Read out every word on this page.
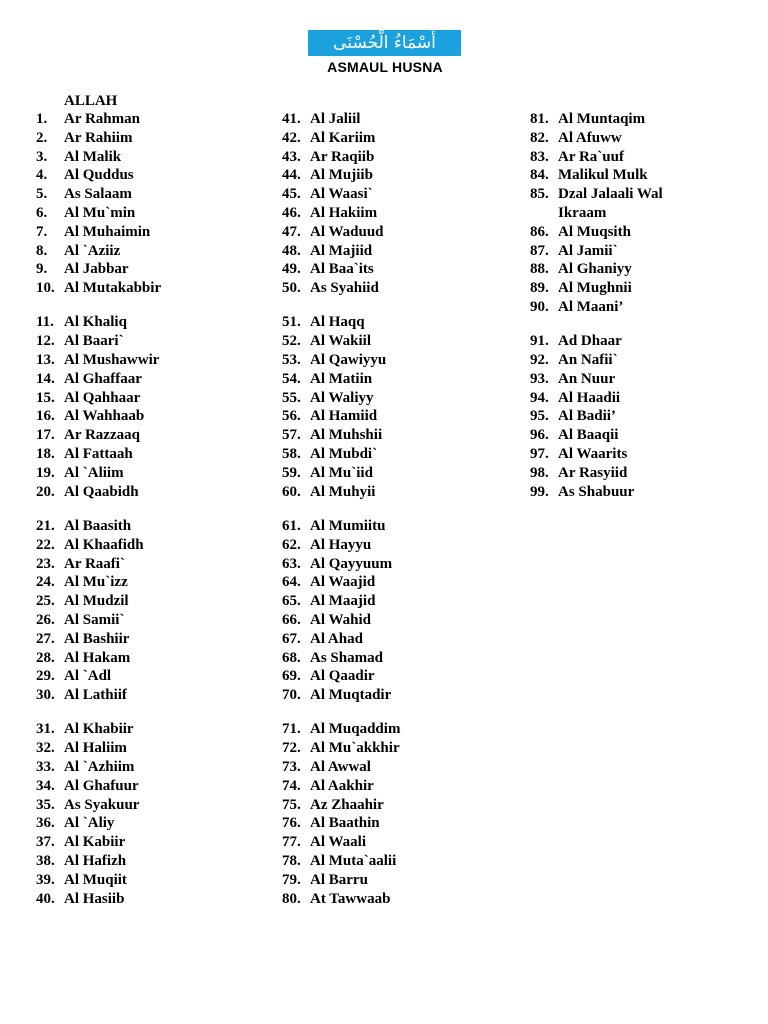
أَسْمَاءُ الْحُسْنَى
ASMAUL HUSNA
ALLAH
1.	Ar Rahman
2.	Ar Rahiim
3.	Al Malik
4.	Al Quddus
5.	As Salaam
6.	Al Mu`min
7.	Al Muhaimin
8.	Al `Aziiz
9.	Al Jabbar
10. Al Mutakabbir
11. Al Khaliq
12. Al Baari`
13. Al Mushawwir
14. Al Ghaffaar
15. Al Qahhaar
16. Al Wahhaab
17. Ar Razzaaq
18. Al Fattaah
19. Al `Aliim
20. Al Qaabidh
21. Al Baasith
22. Al Khaafidh
23. Ar Raafi`
24. Al Mu`izz
25. Al Mudzil
26. Al Samii`
27. Al Bashiir
28. Al Hakam
29. Al `Adl
30. Al Lathiif
31. Al Khabiir
32. Al Haliim
33. Al `Azhiim
34. Al Ghafuur
35. As Syakuur
36. Al `Aliy
37. Al Kabiir
38. Al Hafizh
39. Al Muqiit
40. Al Hasiib
41. Al Jaliil
42. Al Kariim
43. Ar Raqiib
44. Al Mujiib
45. Al Waasi`
46. Al Hakiim
47. Al Waduud
48. Al Majiid
49. Al Baa`its
50. As Syahiid
51. Al Haqq
52. Al Wakiil
53. Al Qawiyyu
54. Al Matiin
55. Al Waliyy
56. Al Hamiid
57. Al Muhshii
58. Al Mubdi`
59. Al Mu`iid
60. Al Muhyii
61. Al Mumiitu
62. Al Hayyu
63. Al Qayyuum
64. Al Waajid
65. Al Maajid
66. Al Wahid
67. Al Ahad
68. As Shamad
69. Al Qaadir
70. Al Muqtadir
71. Al Muqaddim
72. Al Mu`akkhir
73. Al Awwal
74. Al Aakhir
75. Az Zhaahir
76. Al Baathin
77. Al Waali
78. Al Muta`aalii
79. Al Barru
80. At Tawwaab
81. Al Muntaqim
82. Al Afuww
83. Ar Ra`uuf
84. Malikul Mulk
85. Dzal Jalaali Wal
Ikraam
86. Al Muqsith
87. Al Jamii`
88. Al Ghaniyy
89. Al Mughnii
90. Al Maani’
91. Ad Dhaar
92. An Nafii`
93. An Nuur
94. Al Haadii
95. Al Badii’
96. Al Baaqii
97. Al Waarits
98. Ar Rasyiid
99. As Shabuur
